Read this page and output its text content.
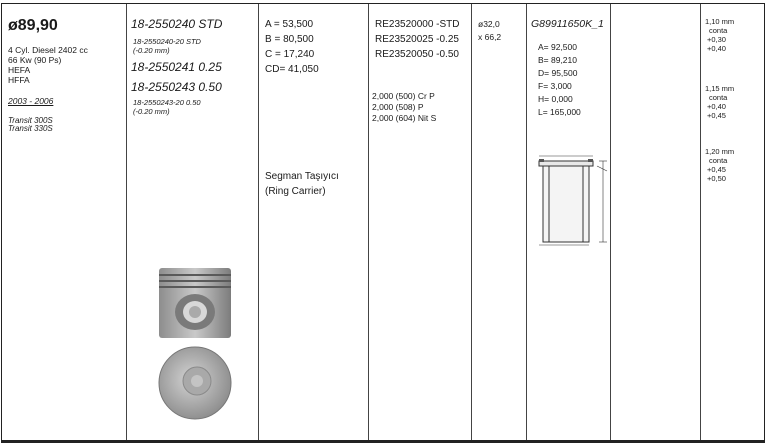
ø89,90
4 Cyl. Diesel 2402 cc
66 Kw (90 Ps)
HEFA
HFFA
2003 - 2006
Transit 300S
Transit 330S
18-2550240 STD
18-2550240-20 STD
(-0.20 mm)
18-2550241 0.25
18-2550243 0.50
18-2550243-20 0.50
(-0.20 mm)
A = 53,500
B = 80,500
C = 17,240
CD= 41,050
Segman Taşıyıcı
(Ring Carrier)
RE23520000 -STD
RE23520025 -0.25
RE23520050 -0.50
2,000 (500) Cr P
2,000 (508) P
2,000 (604) Nit S
ø32,0
x 66,2
G89911650K_1
A= 92,500
B= 89,210
D= 95,500
F= 3,000
H= 0,000
L= 165,000
1,10 mm
conta
+0,30
+0,40
1,15 mm
conta
+0,40
+0,45
1,20 mm
conta
+0,45
+0,50
